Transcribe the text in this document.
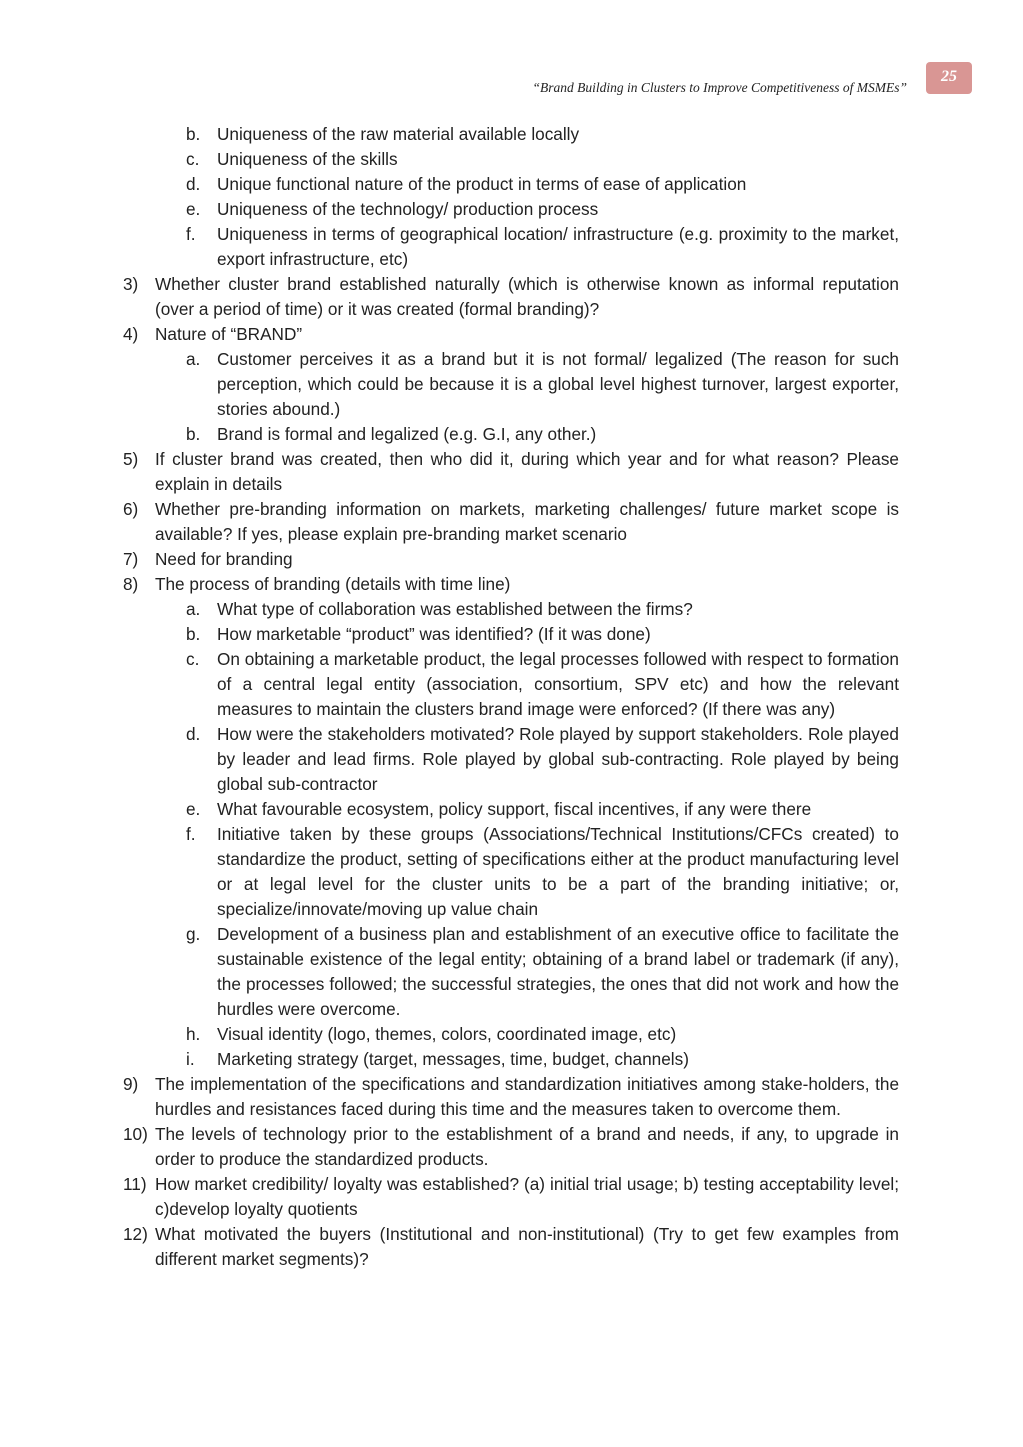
“Brand Building in Clusters to Improve Competitiveness of MSMEs”
25
b. Uniqueness of the raw material available locally
c. Uniqueness of the skills
d. Unique functional nature of the product in terms of ease of application
e. Uniqueness of the technology/ production process
f. Uniqueness in terms of geographical location/ infrastructure (e.g. proximity to the market, export infrastructure, etc)
3) Whether cluster brand established naturally (which is otherwise known as informal reputation (over a period of time) or it was created (formal branding)?
4) Nature of “BRAND”
a. Customer perceives it as a brand but it is not formal/ legalized (The reason for such perception, which could be because it is a global level highest turnover, largest exporter, stories abound.)
b. Brand is formal and legalized (e.g. G.I, any other.)
5) If cluster brand was created, then who did it, during which year and for what reason? Please explain in details
6) Whether pre-branding information on markets, marketing challenges/ future market scope is available? If yes, please explain pre-branding market scenario
7) Need for branding
8) The process of branding (details with time line)
a. What type of collaboration was established between the firms?
b. How marketable “product” was identified? (If it was done)
c. On obtaining a marketable product, the legal processes followed with respect to formation of a central legal entity (association, consortium, SPV etc) and how the relevant measures to maintain the clusters brand image were enforced? (If there was any)
d. How were the stakeholders motivated? Role played by support stakeholders. Role played by leader and lead firms. Role played by global sub-contracting. Role played by being global sub-contractor
e. What favourable ecosystem, policy support, fiscal incentives, if any were there
f. Initiative taken by these groups (Associations/Technical Institutions/CFCs created) to standardize the product, setting of specifications either at the product manufacturing level or at legal level for the cluster units to be a part of the branding initiative; or, specialize/innovate/moving up value chain
g. Development of a business plan and establishment of an executive office to facilitate the sustainable existence of the legal entity; obtaining of a brand label or trademark (if any), the processes followed; the successful strategies, the ones that did not work and how the hurdles were overcome.
h. Visual identity (logo, themes, colors, coordinated image, etc)
i. Marketing strategy (target, messages, time, budget, channels)
9) The implementation of the specifications and standardization initiatives among stake-holders, the hurdles and resistances faced during this time and the measures taken to overcome them.
10) The levels of technology prior to the establishment of a brand and needs, if any, to upgrade in order to produce the standardized products.
11) How market credibility/ loyalty was established? (a) initial trial usage; b) testing acceptability level; c)develop loyalty quotients
12) What motivated the buyers (Institutional and non-institutional) (Try to get few examples from different market segments)?
